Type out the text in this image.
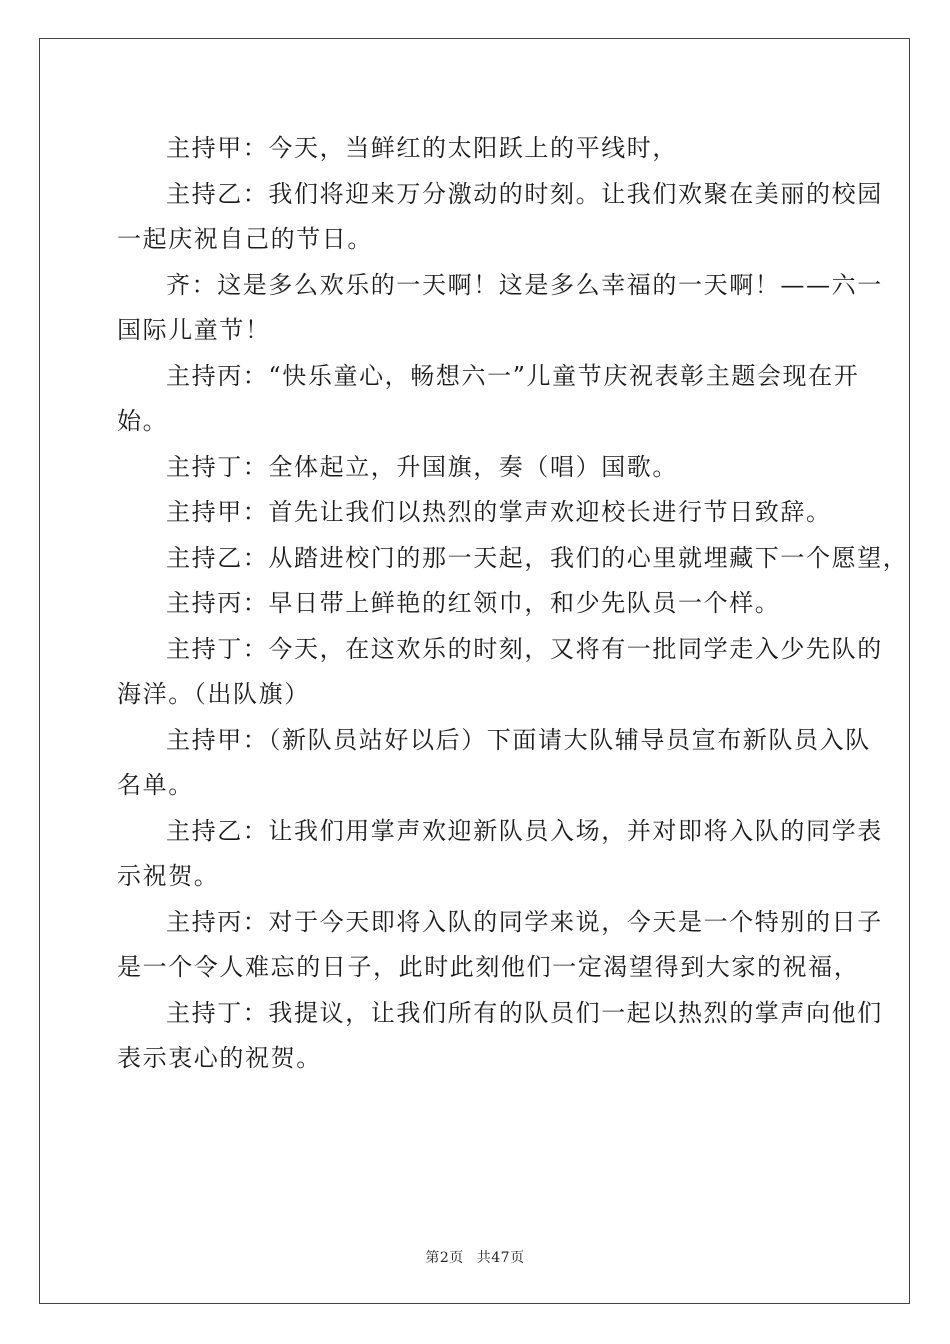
主持甲：今天，当鲜红的太阳跃上的平线时，

主持乙：我们将迎来万分激动的时刻。让我们欢聚在美丽的校园
一起庆祝自己的节日。

齐：这是多么欢乐的一天啊！这是多么幸福的一天啊！——六一
国际儿童节！

主持丙：“快乐童心，畅想六一”儿童节庆祝表彰主题会现在开
始。

主持丁：全体起立，升国旗，奏（唱）国歌。

主持甲：首先让我们以热烈的掌声欢迎校长进行节日致辞。

主持乙：从踏进校门的那一天起，我们的心里就埋藏下一个愿望，

主持丙：早日带上鲜艳的红领巾，和少先队员一个样。

主持丁：今天，在这欢乐的时刻，又将有一批同学走入少先队的
海洋。（出队旗）

主持甲：（新队员站好以后）下面请大队辅导员宣布新队员入队
名单。

主持乙：让我们用掌声欢迎新队员入场，并对即将入队的同学表
示祝贺。

主持丙：对于今天即将入队的同学来说，今天是一个特别的日子
是一个令人难忘的日子，此时此刻他们一定渴望得到大家的祝福，

主持丁：我提议，让我们所有的队员们一起以热烈的掌声向他们
表示衷心的祝贺。

第2页 共47页
